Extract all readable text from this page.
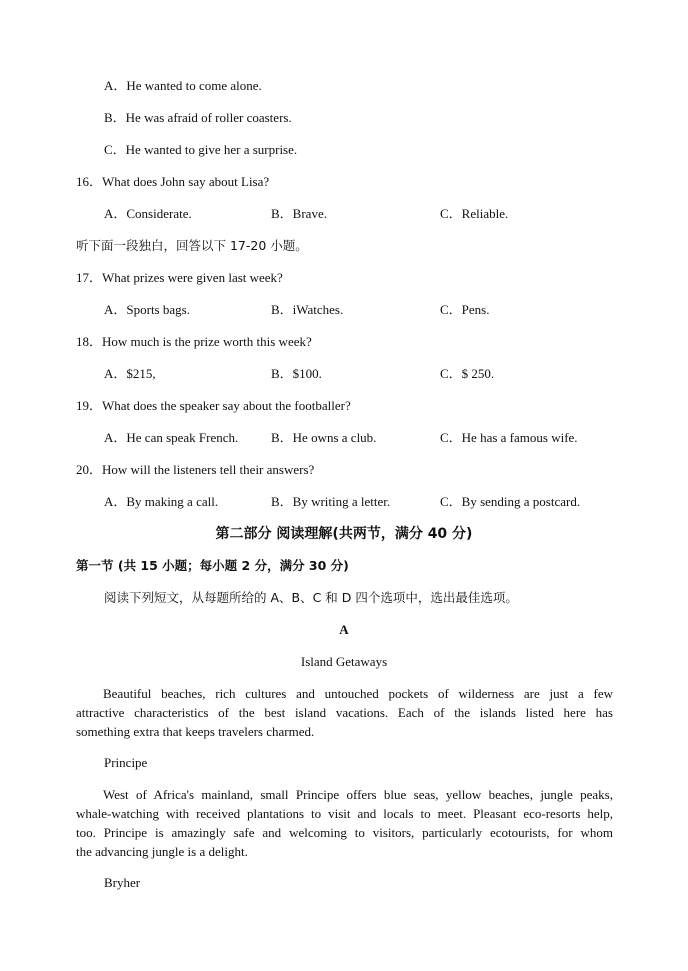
A．He wanted to come alone.
B．He was afraid of roller coasters.
C．He wanted to give her a surprise.
16．What does John say about Lisa?
A．Considerate.	B．Brave.	C．Reliable.
听下面一段独白，回答以下 17-20 小题。
17．What prizes were given last week?
A．Sports bags.	B．iWatches.	C．Pens.
18．How much is the prize worth this week?
A．$215,	B．$100.	C．$ 250.
19．What does the speaker say about the footballer?
A．He can speak French.	B．He owns a club.	C．He has a famous wife.
20．How will the listeners tell their answers?
A．By making a call.	B．By writing a letter.	C．By sending a postcard.
第二部分 阅读理解(共两节，满分 40 分)
第一节 (共 15 小题；每小题 2 分，满分 30 分)
阅读下列短文，从每题所给的 A、B、C 和 D 四个选项中，选出最佳选项。
A
Island Getaways
Beautiful beaches, rich cultures and untouched pockets of wilderness are just a few
attractive characteristics of the best island vacations. Each of the islands listed here has
something extra that keeps travelers charmed.
Principe
West of Africa's mainland, small Principe offers blue seas, yellow beaches, jungle peaks,
whale-watching with received plantations to visit and locals to meet. Pleasant eco-resorts help,
too. Principe is amazingly safe and welcoming to visitors, particularly ecotourists, for whom
the advancing jungle is a delight.
Bryher
